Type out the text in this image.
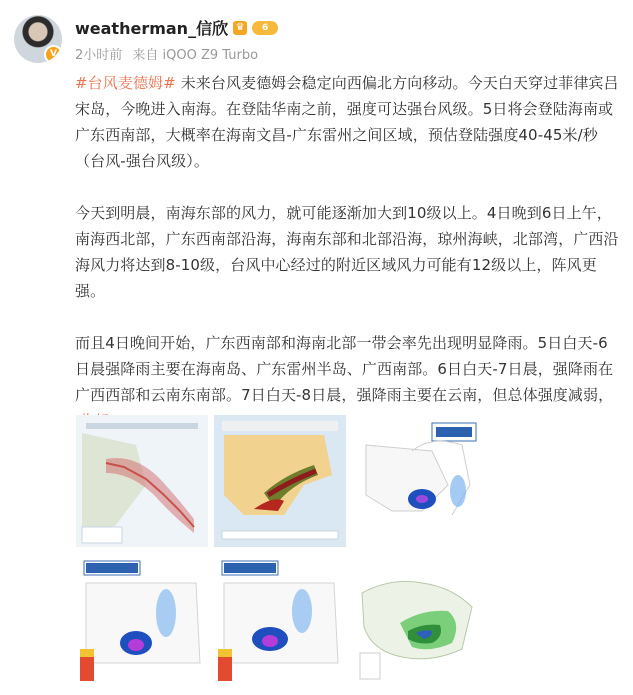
V
weatherman_信欣 ♛	6
2小时前 来自 iQOO Z9 Turbo

#台风麦德姆# 未来台风麦德姆会稳定向西偏北方向移动。今天白天穿过菲律宾吕宋岛，今晚进入南海。在登陆华南之前，强度可达强台风级。5日将会登陆海南或广东西南部，大概率在海南文昌-广东雷州之间区域，预估登陆强度40-45米/秒（台风-强台风级）。

今天到明晨，南海东部的风力，就可能逐渐加大到10级以上。4日晚到6日上午，南海西北部，广东西南部沿海，海南东部和北部沿海，琼州海峡，北部湾，广西沿海风力将达到8-10级，台风中心经过的附近区域风力可能有12级以上，阵风更强。

而且4日晚间开始，广东西南部和海南北部一带会率先出现明显降雨。5日白天-6日晨强降雨主要在海南岛、广东雷州半岛、广西南部。6日白天-7日晨，强降雨在广西西部和云南东南部。7日白天-8日晨，强降雨主要在云南，但总体强度减弱，
